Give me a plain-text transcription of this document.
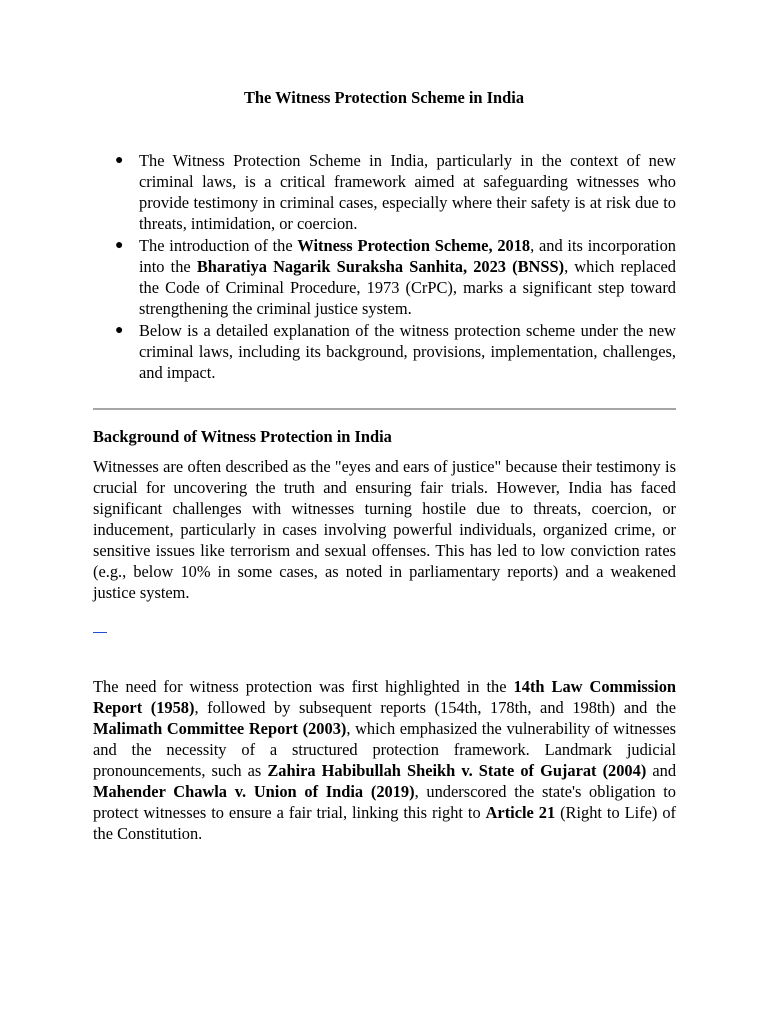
The Witness Protection Scheme in India
● The Witness Protection Scheme in India, particularly in the context of new criminal laws, is a critical framework aimed at safeguarding witnesses who provide testimony in criminal cases, especially where their safety is at risk due to threats, intimidation, or coercion.
● The introduction of the Witness Protection Scheme, 2018, and its incorporation into the Bharatiya Nagarik Suraksha Sanhita, 2023 (BNSS), which replaced the Code of Criminal Procedure, 1973 (CrPC), marks a significant step toward strengthening the criminal justice system.
● Below is a detailed explanation of the witness protection scheme under the new criminal laws, including its background, provisions, implementation, challenges, and impact.
Background of Witness Protection in India

Witnesses are often described as the "eyes and ears of justice" because their testimony is crucial for uncovering the truth and ensuring fair trials. However, India has faced significant challenges with witnesses turning hostile due to threats, coercion, or inducement, particularly in cases involving powerful individuals, organized crime, or sensitive issues like terrorism and sexual offenses. This has led to low conviction rates (e.g., below 10% in some cases, as noted in parliamentary reports) and a weakened justice system.

The need for witness protection was first highlighted in the 14th Law Commission Report (1958), followed by subsequent reports (154th, 178th, and 198th) and the Malimath Committee Report (2003), which emphasized the vulnerability of witnesses and the necessity of a structured protection framework. Landmark judicial pronouncements, such as Zahira Habibullah Sheikh v. State of Gujarat (2004) and Mahender Chawla v. Union of India (2019), underscored the state's obligation to protect witnesses to ensure a fair trial, linking this right to Article 21 (Right to Life) of the Constitution.
